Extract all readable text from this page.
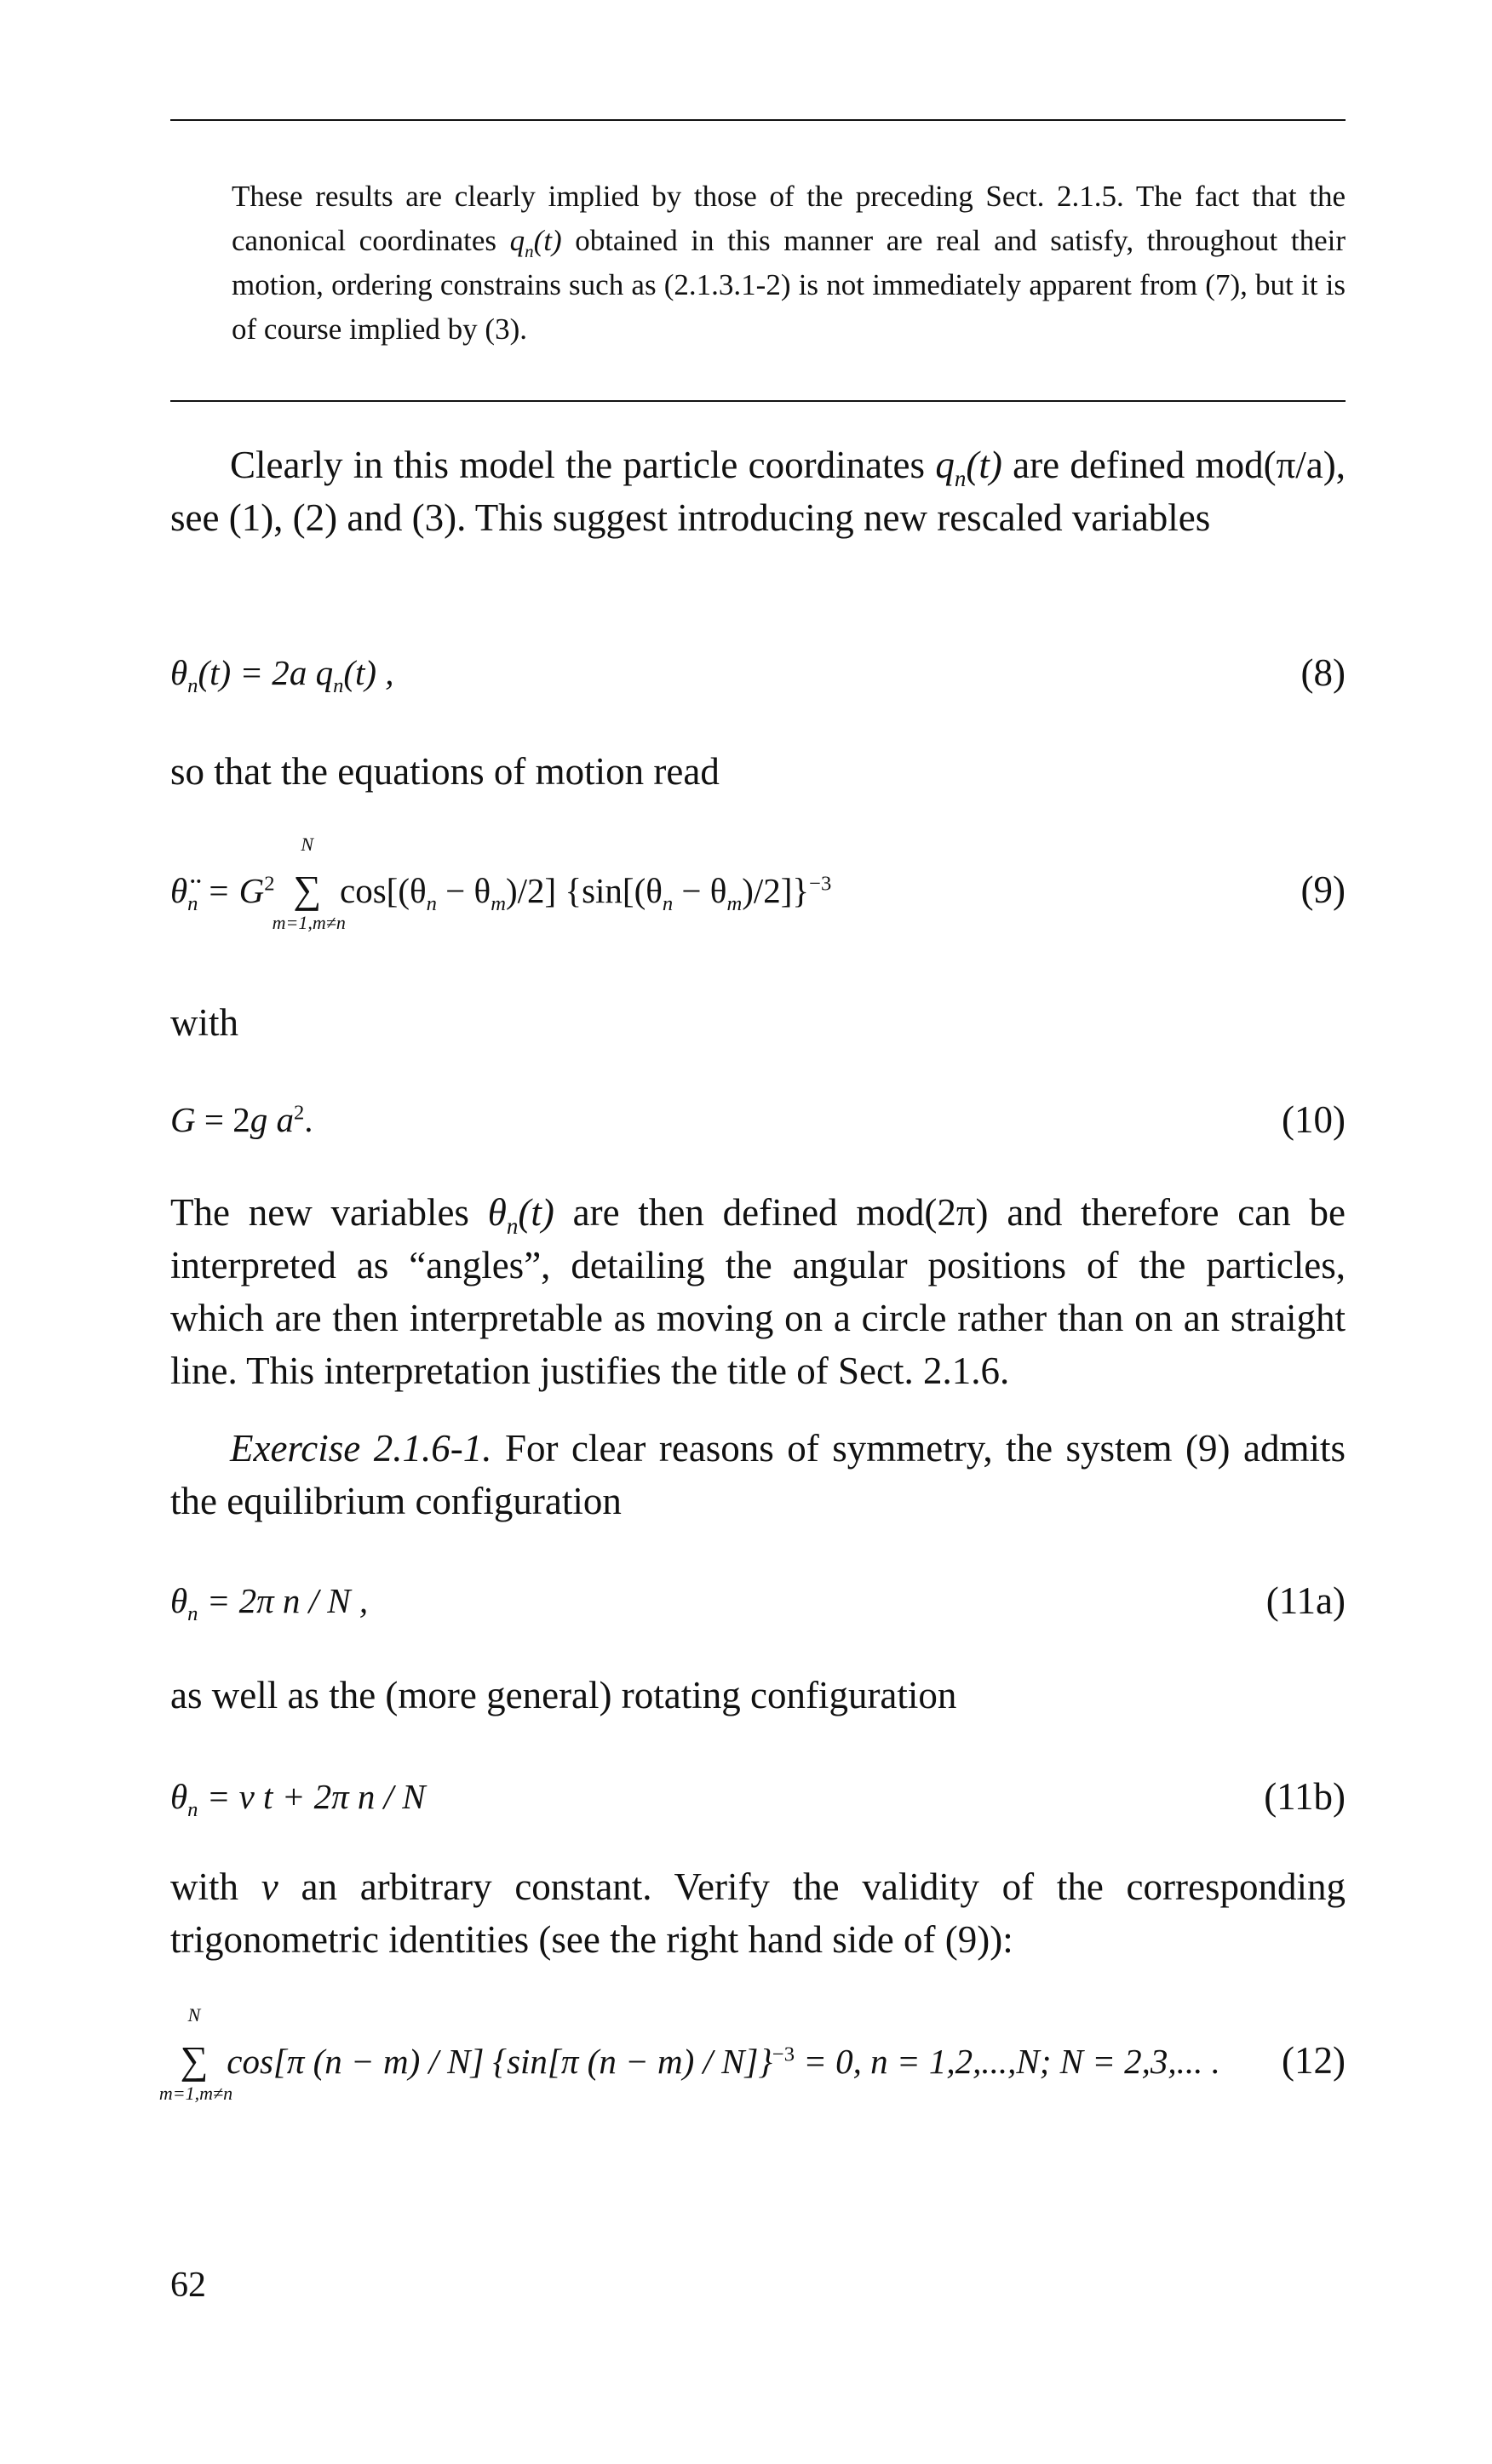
These results are clearly implied by those of the preceding Sect. 2.1.5. The fact that the canonical coordinates $q_n(t)$ obtained in this manner are real and satisfy, throughout their motion, ordering constrains such as (2.1.3.1-2) is not immediately apparent from (7), but it is of course implied by (3).
Clearly in this model the particle coordinates $q_n(t)$ are defined mod(π/a), see (1), (2) and (3). This suggest introducing new rescaled variables
$\theta_n(t) = 2a$ $q_n(t)$ ,	(8)
so that the equations of motion read
$\thetä_n = G^2$
N
∑
m=1,m≠n
$\cos[(\theta_n - \theta_m)/2] \{\sin[(\theta_n - \theta_m)/2]\}^{-3}$	(9)
with
G = 2g $a^2$.	(10)
The new variables $\theta_n(t)$ are then defined mod(2π) and therefore can be interpreted as “angles”, detailing the angular positions of the particles, which are then interpretable as moving on a circle rather than on an straight line. This interpretation justifies the title of Sect. 2.1.6.
Exercise 2.1.6-1. For clear reasons of symmetry, the system (9) admits the equilibrium configuration
$\theta_n = 2\pi$ n / N ,	(11a)
as well as the (more general) rotating configuration
$\theta_n = v$ t + 2π n / N	(11b)
with v an arbitrary constant. Verify the validity of the corresponding trigonometric identities (see the right hand side of (9)):
N
∑
m=1,m≠n
cos[π (n − m) / N] {sin[π (n − m) / N]}$^{-3}$ = 0, n = 1,2,...,N; N = 2,3,... . (12)
62
